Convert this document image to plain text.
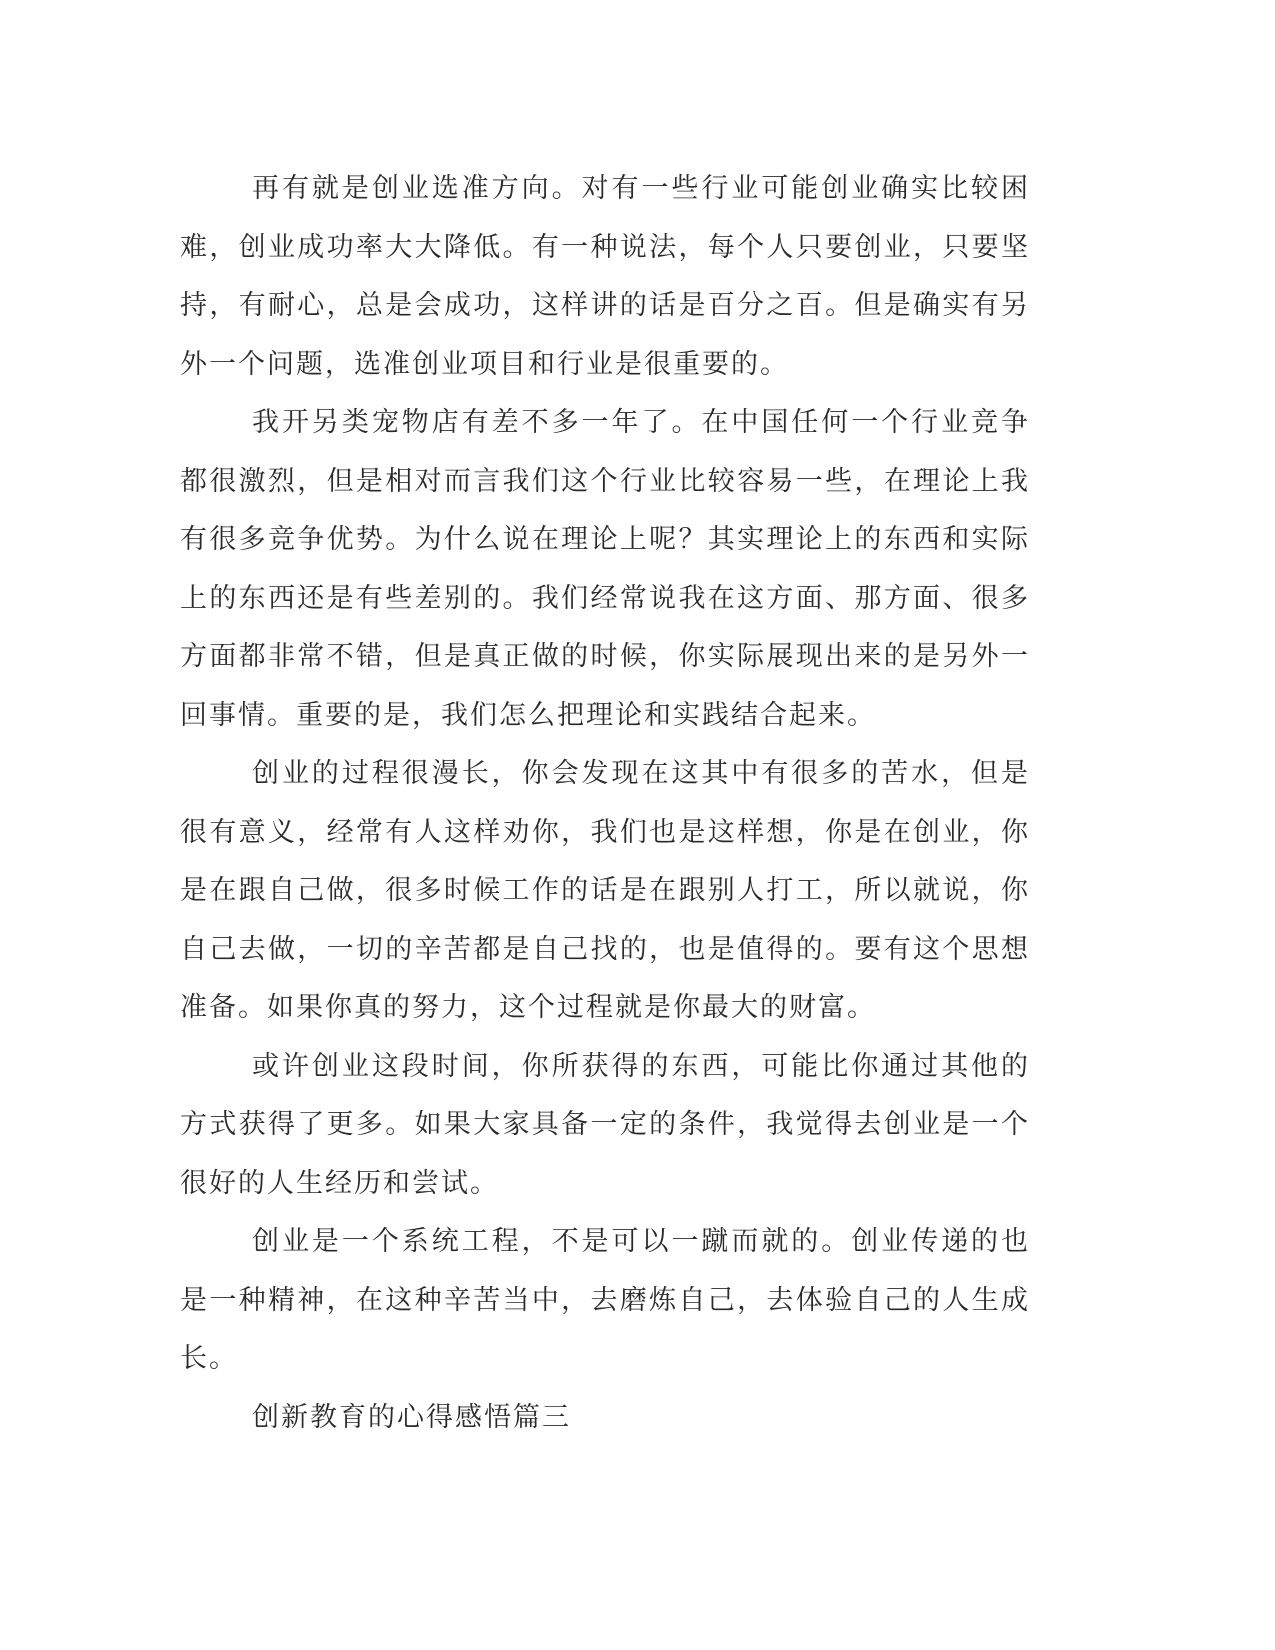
再有就是创业选准方向。对有一些行业可能创业确实比较困难，创业成功率大大降低。有一种说法，每个人只要创业，只要坚持，有耐心，总是会成功，这样讲的话是百分之百。但是确实有另外一个问题，选准创业项目和行业是很重要的。

我开另类宠物店有差不多一年了。在中国任何一个行业竞争都很激烈，但是相对而言我们这个行业比较容易一些，在理论上我有很多竞争优势。为什么说在理论上呢？其实理论上的东西和实际上的东西还是有些差别的。我们经常说我在这方面、那方面、很多方面都非常不错，但是真正做的时候，你实际展现出来的是另外一回事情。重要的是，我们怎么把理论和实践结合起来。

创业的过程很漫长，你会发现在这其中有很多的苦水，但是很有意义，经常有人这样劝你，我们也是这样想，你是在创业，你是在跟自己做，很多时候工作的话是在跟别人打工，所以就说，你自己去做，一切的辛苦都是自己找的，也是值得的。要有这个思想准备。如果你真的努力，这个过程就是你最大的财富。

或许创业这段时间，你所获得的东西，可能比你通过其他的方式获得了更多。如果大家具备一定的条件，我觉得去创业是一个很好的人生经历和尝试。

创业是一个系统工程，不是可以一蹴而就的。创业传递的也是一种精神，在这种辛苦当中，去磨炼自己，去体验自己的人生成长。

创新教育的心得感悟篇三
